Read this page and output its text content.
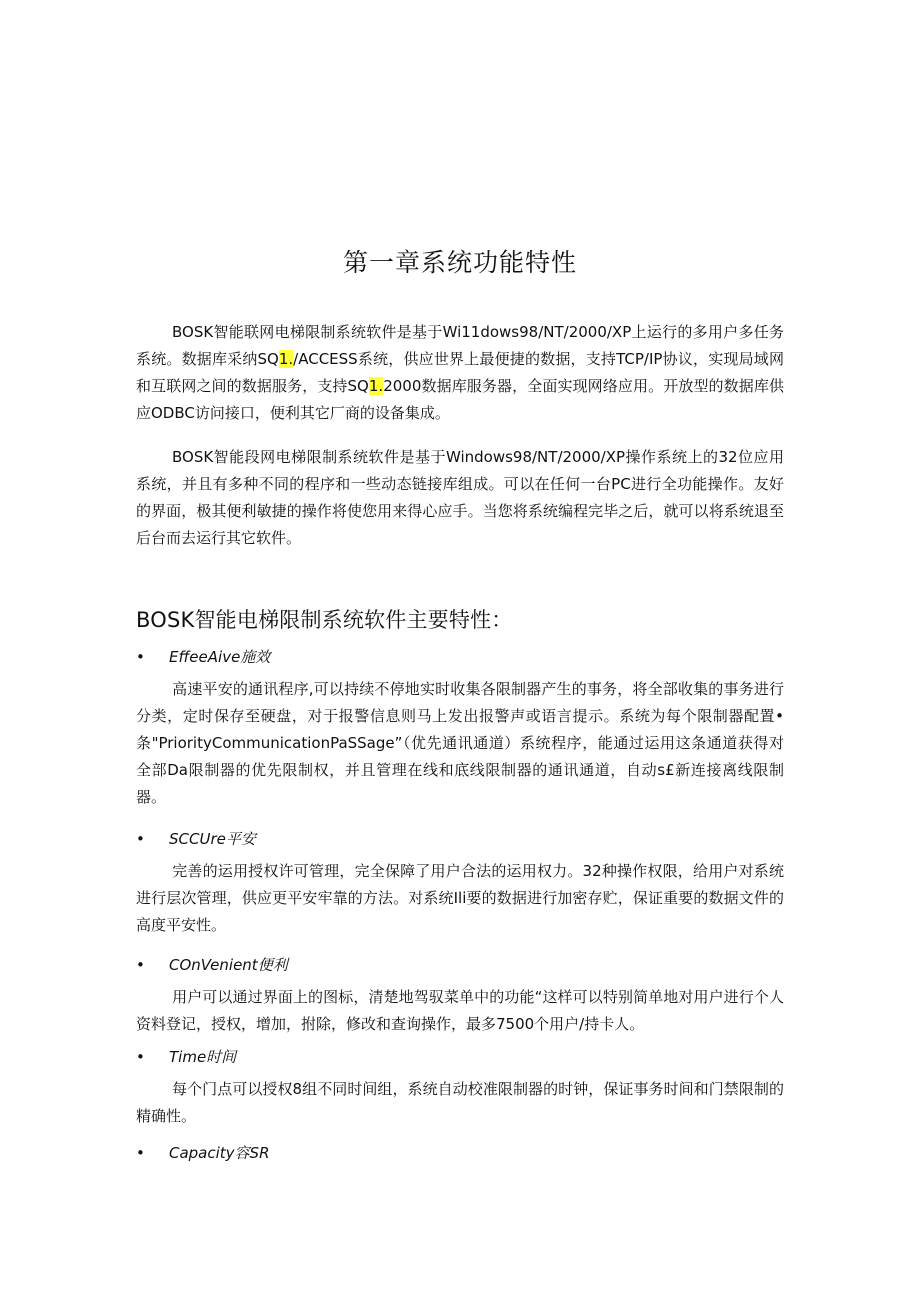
第一章系统功能特性

BOSK智能联网电梯限制系统软件是基于Wi11dows98/NT/2000/XP上运行的多用户多任务系统。数据库采纳SQ1./ACCESS系统，供应世界上最便捷的数据，支持TCP/IP协议，实现局域网和互联网之间的数据服务，支持SQ1.2000数据库服务器，全面实现网络应用。开放型的数据库供应ODBC访问接口，便利其它厂商的设备集成。

BOSK智能段网电梯限制系统软件是基于Windows98/NT/2000/XP操作系统上的32位应用系统，并且有多种不同的程序和一些动态链接库组成。可以在任何一台PC进行全功能操作。友好的界面，极其便利敏捷的操作将使您用来得心应手。当您将系统编程完毕之后，就可以将系统退至后台而去运行其它软件。

BOSK智能电梯限制系统软件主要特性：
•	EffeeAive施效

高速平安的通讯程序,可以持续不停地实时收集各限制器产生的事务，将全部收集的事务进行分类，定时保存至硬盘，对于报警信息则马上发出报警声或语言提示。系统为每个限制器配置•条"PriorityCommunicationPaSSage”（优先通讯通道）系统程序，能通过运用这条通道获得对全部Da限制器的优先限制权，并且管理在线和底线限制器的通讯通道，自动s£新连接离线限制器。

•	SCCUre平安

完善的运用授权许可管理，完全保障了用户合法的运用权力。32种操作权限，给用户对系统进行层次管理，供应更平安牢靠的方法。对系统Ili要的数据进行加密存贮，保证重要的数据文件的高度平安性。

•	COnVenient便利

用户可以通过界面上的图标，清楚地驾驭菜单中的功能“这样可以特别简单地对用户进行个人资料登记，授权，增加，拊除，修改和查询操作，最多7500个用户/持卡人。

•	Time时间

每个门点可以授权8组不同时间组，系统自动校准限制器的时钟，保证事务时间和门禁限制的精确性。

•	Capacity容SR
